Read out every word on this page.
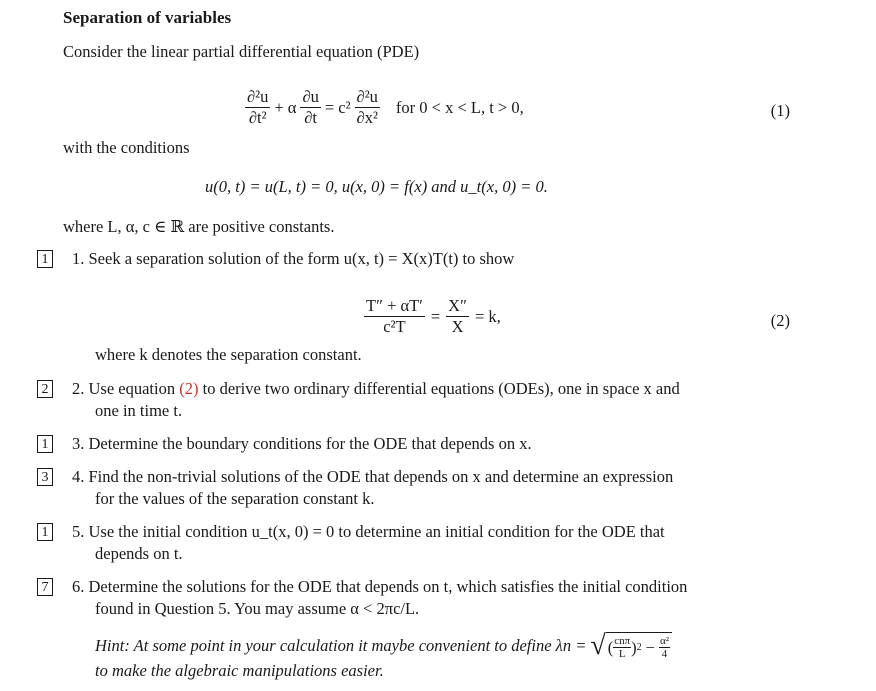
Separation of variables
Consider the linear partial differential equation (PDE)
$\frac{\text{∂²u}}{\text{∂t²}} + \alpha \frac{\partial u}{\partial t} = c^2 \frac{\text{∂²u}}{\text{∂x²}}$ for 0 < x < L, t > 0,	(1)
with the conditions
u(0, t) = u(L, t) = 0, u(x, 0) = f(x) and u_t(x, 0) = 0.
where L, α, c ∈ ℝ are positive constants.
1 1. Seek a separation solution of the form u(x, t) = X(x)T(t) to show
$\frac{T'' + \alpha T'}{\text{c²T}} = \frac{X''}{X} = k$,	(2)
where k denotes the separation constant.
2 2. Use equation (2) to derive two ordinary differential equations (ODEs), one in space x and
one in time t.
1 3. Determine the boundary conditions for the ODE that depends on x.
3 4. Find the non-trivial solutions of the ODE that depends on x and determine an expression
for the values of the separation constant k.
1 5. Use the initial condition u_t(x, 0) = 0 to determine an initial condition for the ODE that
depends on t.
7 6. Determine the solutions for the ODE that depends on t, which satisfies the initial condition
found in Question 5. You may assume α < 2πc/L.
Hint: At some point in your calculation it maybe convenient to define λn = √ ( $\frac{\text{cnπ}}{L}$ ) $2 - \frac{\text{α²}}{4}$
to make the algebraic manipulations easier.
